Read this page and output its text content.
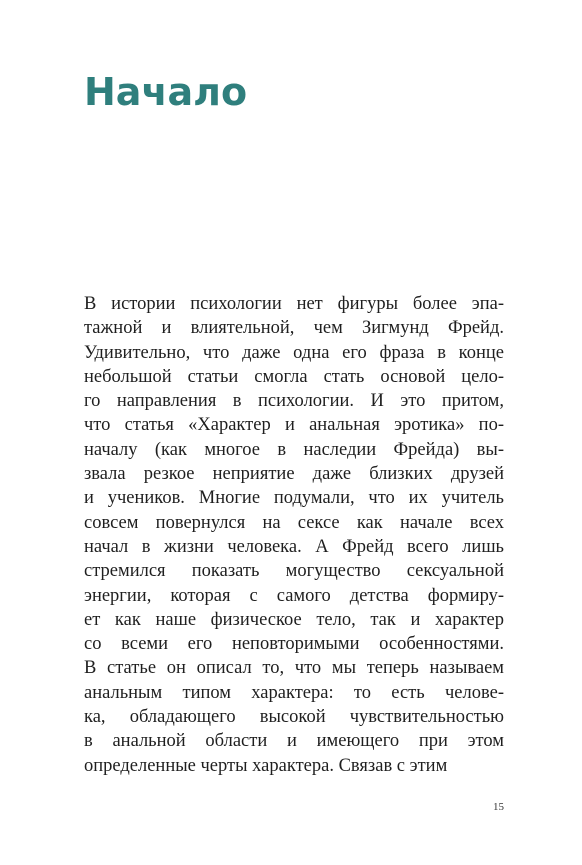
Начало
В истории психологии нет фигуры более эпа-
тажной и влиятельной, чем Зигмунд Фрейд.
Удивительно, что даже одна его фраза в конце
небольшой статьи смогла стать основой цело-
го направления в психологии. И это притом,
что статья «Характер и анальная эротика» по-
началу (как многое в наследии Фрейда) вы-
звала резкое неприятие даже близких друзей
и учеников. Многие подумали, что их учитель
совсем повернулся на сексе как начале всех
начал в жизни человека. А Фрейд всего лишь
стремился показать могущество сексуальной
энергии, которая с самого детства формиру-
ет как наше физическое тело, так и характер
со всеми его неповторимыми особенностями.
В статье он описал то, что мы теперь называем
анальным типом характера: то есть челове-
ка, обладающего высокой чувствительностью
в анальной области и имеющего при этом
определенные черты характера. Связав с этим
15
